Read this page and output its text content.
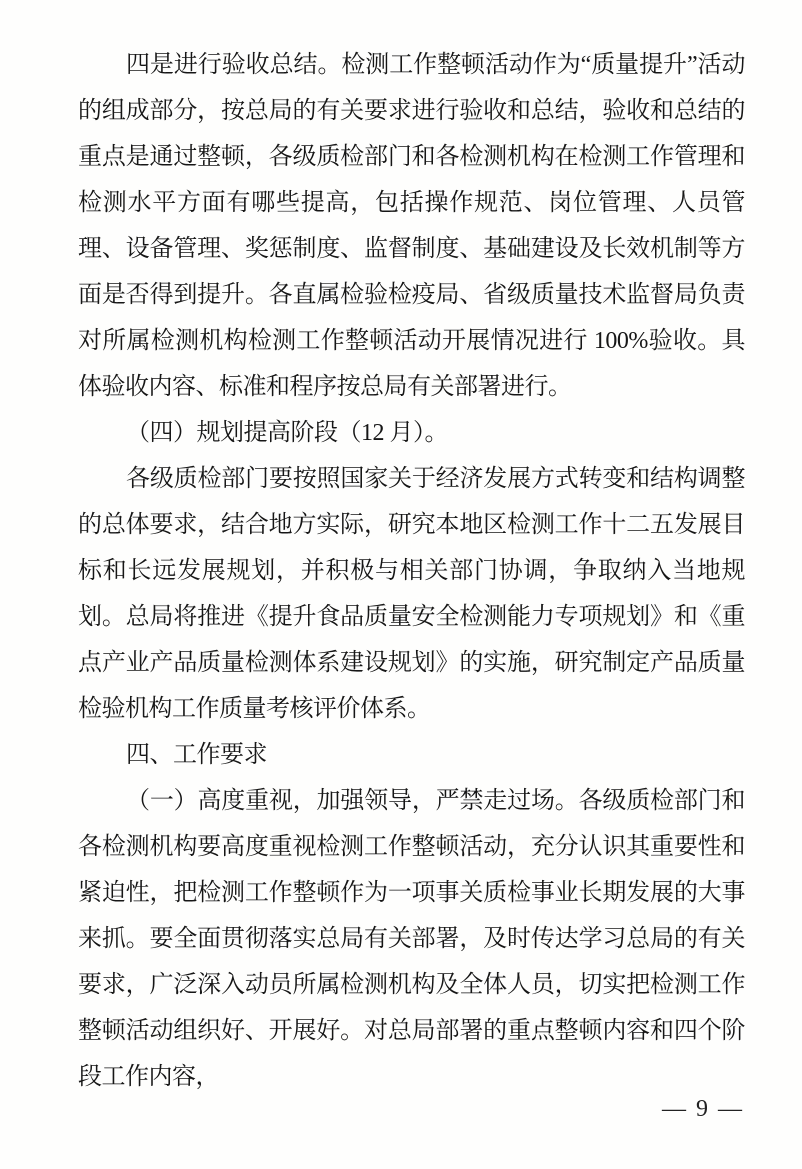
四是进行验收总结。检测工作整顿活动作为“质量提升”活动的组成部分，按总局的有关要求进行验收和总结，验收和总结的重点是通过整顿，各级质检部门和各检测机构在检测工作管理和检测水平方面有哪些提高，包括操作规范、岗位管理、人员管理、设备管理、奖惩制度、监督制度、基础建设及长效机制等方面是否得到提升。各直属检验检疫局、省级质量技术监督局负责对所属检测机构检测工作整顿活动开展情况进行 100%验收。具体验收内容、标准和程序按总局有关部署进行。

（四）规划提高阶段（12 月）。

各级质检部门要按照国家关于经济发展方式转变和结构调整的总体要求，结合地方实际，研究本地区检测工作十二五发展目标和长远发展规划，并积极与相关部门协调，争取纳入当地规划。总局将推进《提升食品质量安全检测能力专项规划》和《重点产业产品质量检测体系建设规划》的实施，研究制定产品质量检验机构工作质量考核评价体系。

四、工作要求

（一）高度重视，加强领导，严禁走过场。各级质检部门和各检测机构要高度重视检测工作整顿活动，充分认识其重要性和紧迫性，把检测工作整顿作为一项事关质检事业长期发展的大事来抓。要全面贯彻落实总局有关部署，及时传达学习总局的有关要求，广泛深入动员所属检测机构及全体人员，切实把检测工作整顿活动组织好、开展好。对总局部署的重点整顿内容和四个阶段工作内容，

— 9 —
